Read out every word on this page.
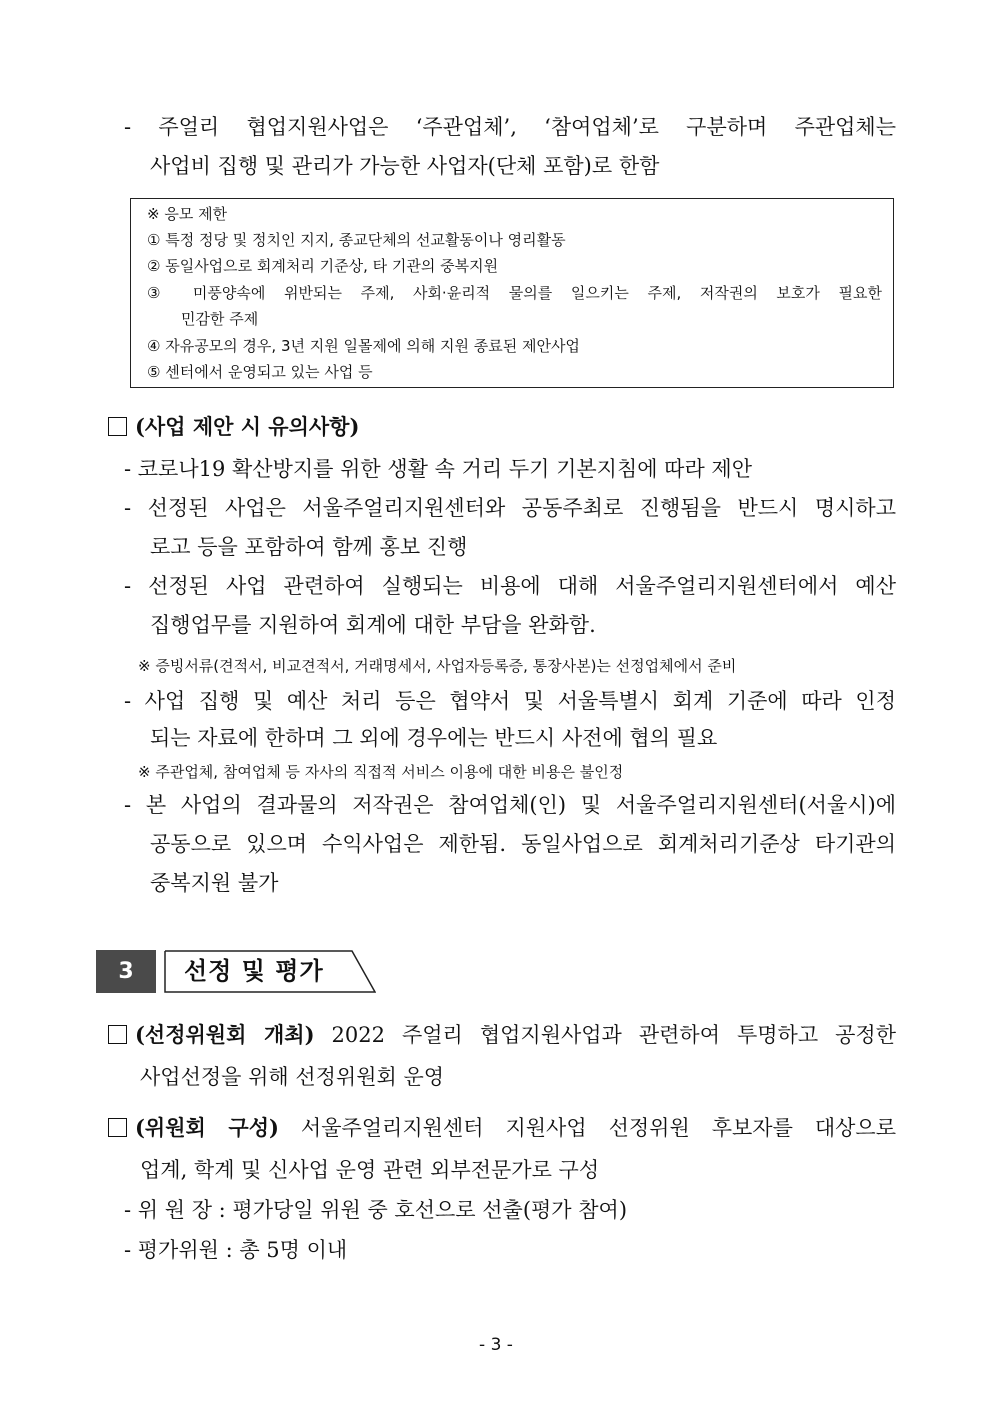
- 주얼리 협업지원사업은 ‘주관업체’, ‘참여업체’로 구분하며 주관업체는
사업비 집행 및 관리가 가능한 사업자(단체 포함)로 한함
※ 응모 제한
① 특정 정당 및 정치인 지지, 종교단체의 선교활동이나 영리활동
② 동일사업으로 회계처리 기준상, 타 기관의 중복지원
③ 미풍양속에 위반되는 주제, 사회·윤리적 물의를 일으키는 주제, 저작권의 보호가 필요한
민감한 주제
④ 자유공모의 경우, 3년 지원 일몰제에 의해 지원 종료된 제안사업
⑤ 센터에서 운영되고 있는 사업 등
(사업 제안 시 유의사항)
- 코로나19 확산방지를 위한 생활 속 거리 두기 기본지침에 따라 제안
- 선정된 사업은 서울주얼리지원센터와 공동주최로 진행됨을 반드시 명시하고
로고 등을 포함하여 함께 홍보 진행
- 선정된 사업 관련하여 실행되는 비용에 대해 서울주얼리지원센터에서 예산
집행업무를 지원하여 회계에 대한 부담을 완화함.
※ 증빙서류(견적서, 비교견적서, 거래명세서, 사업자등록증, 통장사본)는 선정업체에서 준비
- 사업 집행 및 예산 처리 등은 협약서 및 서울특별시 회계 기준에 따라 인정
되는 자료에 한하며 그 외에 경우에는 반드시 사전에 협의 필요
※ 주관업체, 참여업체 등 자사의 직접적 서비스 이용에 대한 비용은 불인정
- 본 사업의 결과물의 저작권은 참여업체(인) 및 서울주얼리지원센터(서울시)에
공동으로 있으며 수익사업은 제한됨. 동일사업으로 회계처리기준상 타기관의
중복지원 불가
3	선정 및 평가
(선정위원회 개최) 2022 주얼리 협업지원사업과 관련하여 투명하고 공정한
사업선정을 위해 선정위원회 운영
(위원회 구성) 서울주얼리지원센터 지원사업 선정위원 후보자를 대상으로
업계, 학계 및 신사업 운영 관련 외부전문가로 구성
- 위 원 장 : 평가당일 위원 중 호선으로 선출(평가 참여)
- 평가위원 : 총 5명 이내
- 3 -
